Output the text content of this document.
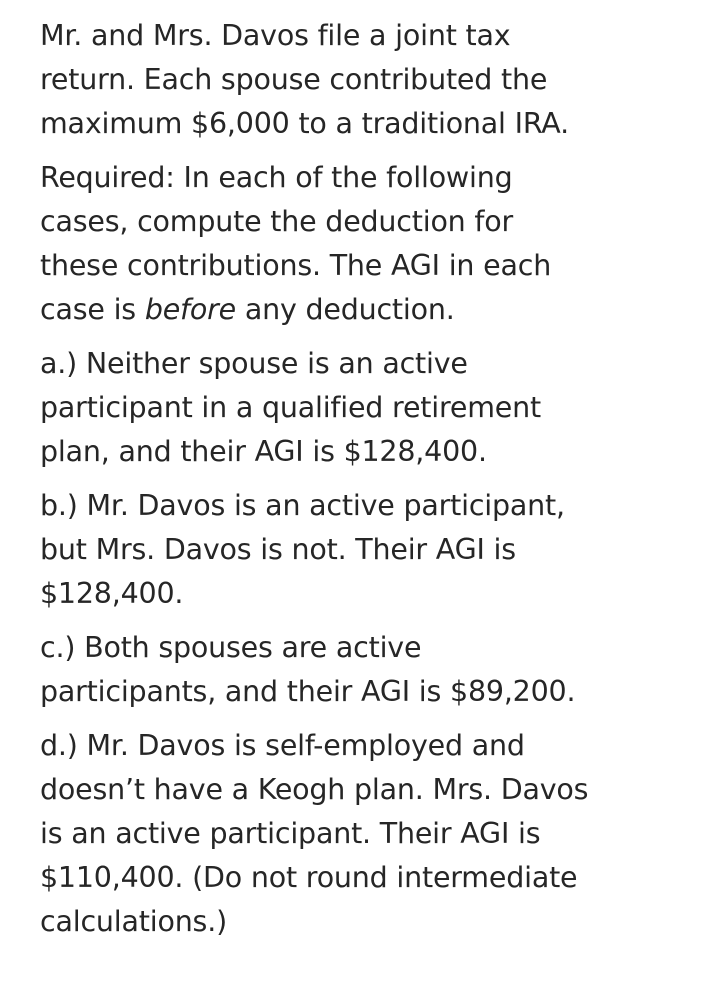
Mr. and Mrs. Davos file a joint tax
return. Each spouse contributed the
maximum $6,000 to a traditional IRA.

Required: In each of the following
cases, compute the deduction for
these contributions. The AGI in each
case is before any deduction.

a.) Neither spouse is an active
participant in a qualified retirement
plan, and their AGI is $128,400.

b.) Mr. Davos is an active participant,
but Mrs. Davos is not. Their AGI is
$128,400.

c.) Both spouses are active
participants, and their AGI is $89,200.

d.) Mr. Davos is self-employed and
doesn’t have a Keogh plan. Mrs. Davos
is an active participant. Their AGI is
$110,400. (Do not round intermediate
calculations.)
